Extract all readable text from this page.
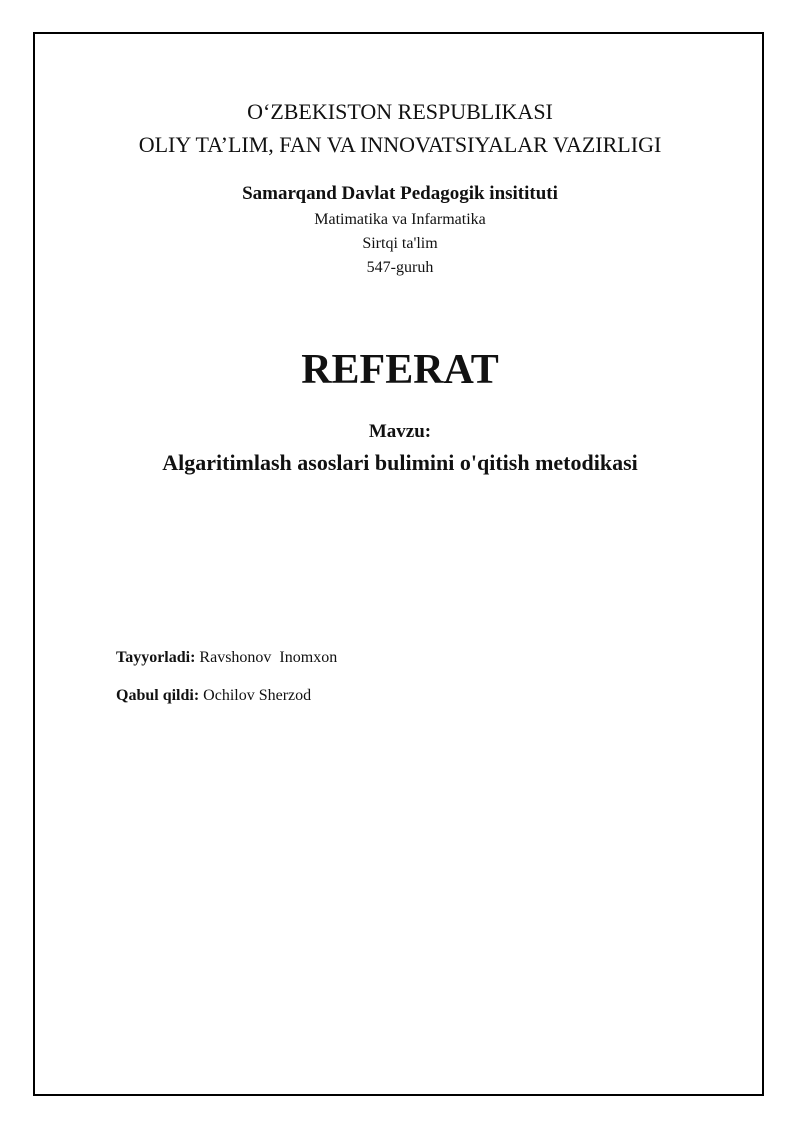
O‘ZBEKISTON RESPUBLIKASI
OLIY TA’LIM, FAN VA INNOVATSIYALAR VAZIRLIGI
Samarqand Davlat Pedagogik insitituti
Matimatika va Infarmatika
Sirtqi ta'lim
547-guruh
REFERAT
Mavzu:
Algaritimlash asoslari bulimini o'qitish metodikasi
Tayyorladi: Ravshonov  Inomxon
Qabul qildi: Ochilov Sherzod
